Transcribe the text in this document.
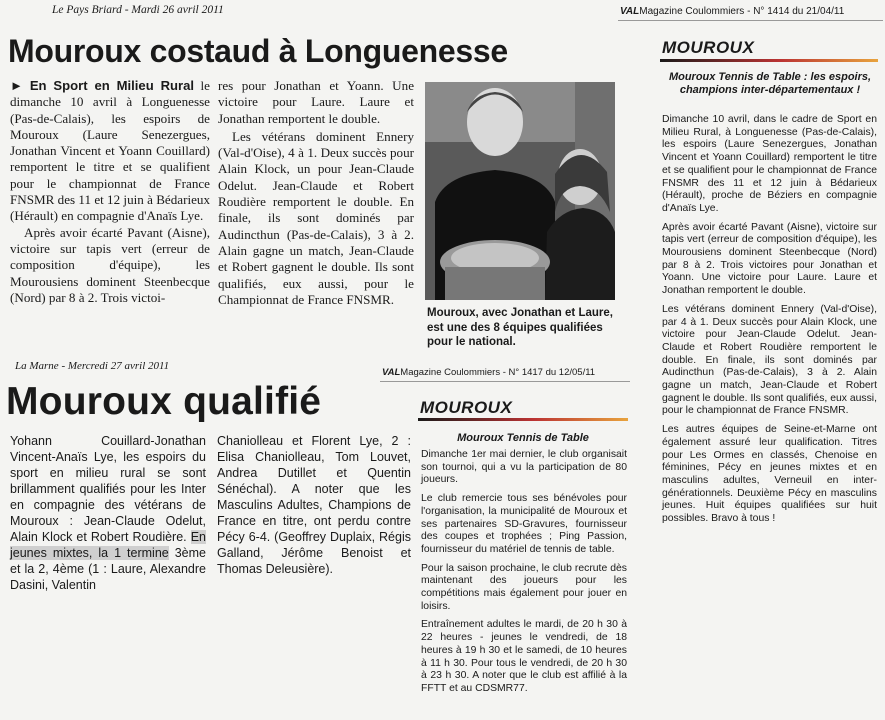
Le Pays Briard - Mardi 26 avril 2011
Mouroux costaud à Longuenesse

► En Sport en Milieu Rural le dimanche 10 avril à Longuenesse (Pas-de-Calais), les espoirs de Mouroux (Laure Senezergues, Jonathan Vincent et Yoann Couillard) remportent le titre et se qualifient pour le championnat de France FNSMR des 11 et 12 juin à Bédarieux (Hérault) en compagnie d'Anaïs Lye.

Après avoir écarté Pavant (Aisne), victoire sur tapis vert (erreur de composition d'équipe), les Mourousiens dominent Steenbecque (Nord) par 8 à 2. Trois victoi-

res pour Jonathan et Yoann. Une victoire pour Laure. Laure et Jonathan remportent le double.

Les vétérans dominent Ennery (Val-d'Oise), 4 à 1. Deux succès pour Alain Klock, un pour Jean-Claude Odelut. Jean-Claude et Robert Roudière remportent le double. En finale, ils sont dominés par Audincthun (Pas-de-Calais), 3 à 2. Alain gagne un match, Jean-Claude et Robert gagnent le double. Ils sont qualifiés, eux aussi, pour le Championnat de France FNSMR.

Mouroux, avec Jonathan et Laure, est une des 8 équipes qualifiées pour le national.
VALMagazine Coulommiers - N° 1414 du 21/04/11
MOUROUX
Mouroux Tennis de Table : les espoirs, champions inter-départementaux !

Dimanche 10 avril, dans le cadre de Sport en Milieu Rural, à Longuenesse (Pas-de-Calais), les espoirs (Laure Senezergues, Jonathan Vincent et Yoann Couillard) remportent le titre et se qualifient pour le championnat de France FNSMR des 11 et 12 juin à Bédarieux (Hérault), proche de Béziers en compagnie d'Anaïs Lye.

Après avoir écarté Pavant (Aisne), victoire sur tapis vert (erreur de composition d'équipe), les Mourousiens dominent Steenbecque (Nord) par 8 à 2. Trois victoires pour Jonathan et Yoann. Une victoire pour Laure. Laure et Jonathan remportent le double.

Les vétérans dominent Ennery (Val-d'Oise), par 4 à 1. Deux succès pour Alain Klock, une victoire pour Jean-Claude Odelut. Jean-Claude et Robert Roudière remportent le double. En finale, ils sont dominés par Audincthun (Pas-de-Calais), 3 à 2. Alain gagne un match, Jean-Claude et Robert gagnent le double. Ils sont qualifiés, eux aussi, pour le championnat de France FNSMR.

Les autres équipes de Seine-et-Marne ont également assuré leur qualification. Titres pour Les Ormes en classés, Chenoise en féminines, Pécy en jeunes mixtes et en masculins adultes, Verneuil en inter-générationnels. Deuxième Pécy en masculins jeunes. Huit équipes qualifiées sur huit possibles. Bravo à tous !

La Marne - Mercredi 27 avril 2011
Mouroux qualifié

Yohann Couillard-Jonathan Vincent-Anaïs Lye, les espoirs du sport en milieu rural se sont brillamment qualifiés pour les Inter en compagnie des vétérans de Mouroux : Jean-Claude Odelut, Alain Klock et Robert Roudière. En jeunes mixtes, la 1 termine 3ème et la 2, 4ème (1 : Laure, Alexandre Dasini, Valentin

Chaniolleau et Florent Lye, 2 : Elisa Chaniolleau, Tom Louvet, Andrea Dutillet et Quentin Sénéchal). A noter que les Masculins Adultes, Champions de France en titre, ont perdu contre Pécy 6-4. (Geoffrey Duplaix, Régis Galland, Jérôme Benoist et Thomas Deleusière).

VALMagazine Coulommiers - N° 1417 du 12/05/11
MOUROUX
Mouroux Tennis de Table

Dimanche 1er mai dernier, le club organisait son tournoi, qui a vu la participation de 80 joueurs.

Le club remercie tous ses bénévoles pour l'organisation, la municipalité de Mouroux et ses partenaires SD-Gravures, fournisseur des coupes et trophées ; Ping Passion, fournisseur du matériel de tennis de table.

Pour la saison prochaine, le club recrute dès maintenant des joueurs pour les compétitions mais également pour jouer en loisirs.

Entraînement adultes le mardi, de 20 h 30 à 22 heures - jeunes le vendredi, de 18 heures à 19 h 30 et le samedi, de 10 heures à 11 h 30. Pour tous le vendredi, de 20 h 30 à 23 h 30. A noter que le club est affilié à la FFTT et au CDSMR77.
